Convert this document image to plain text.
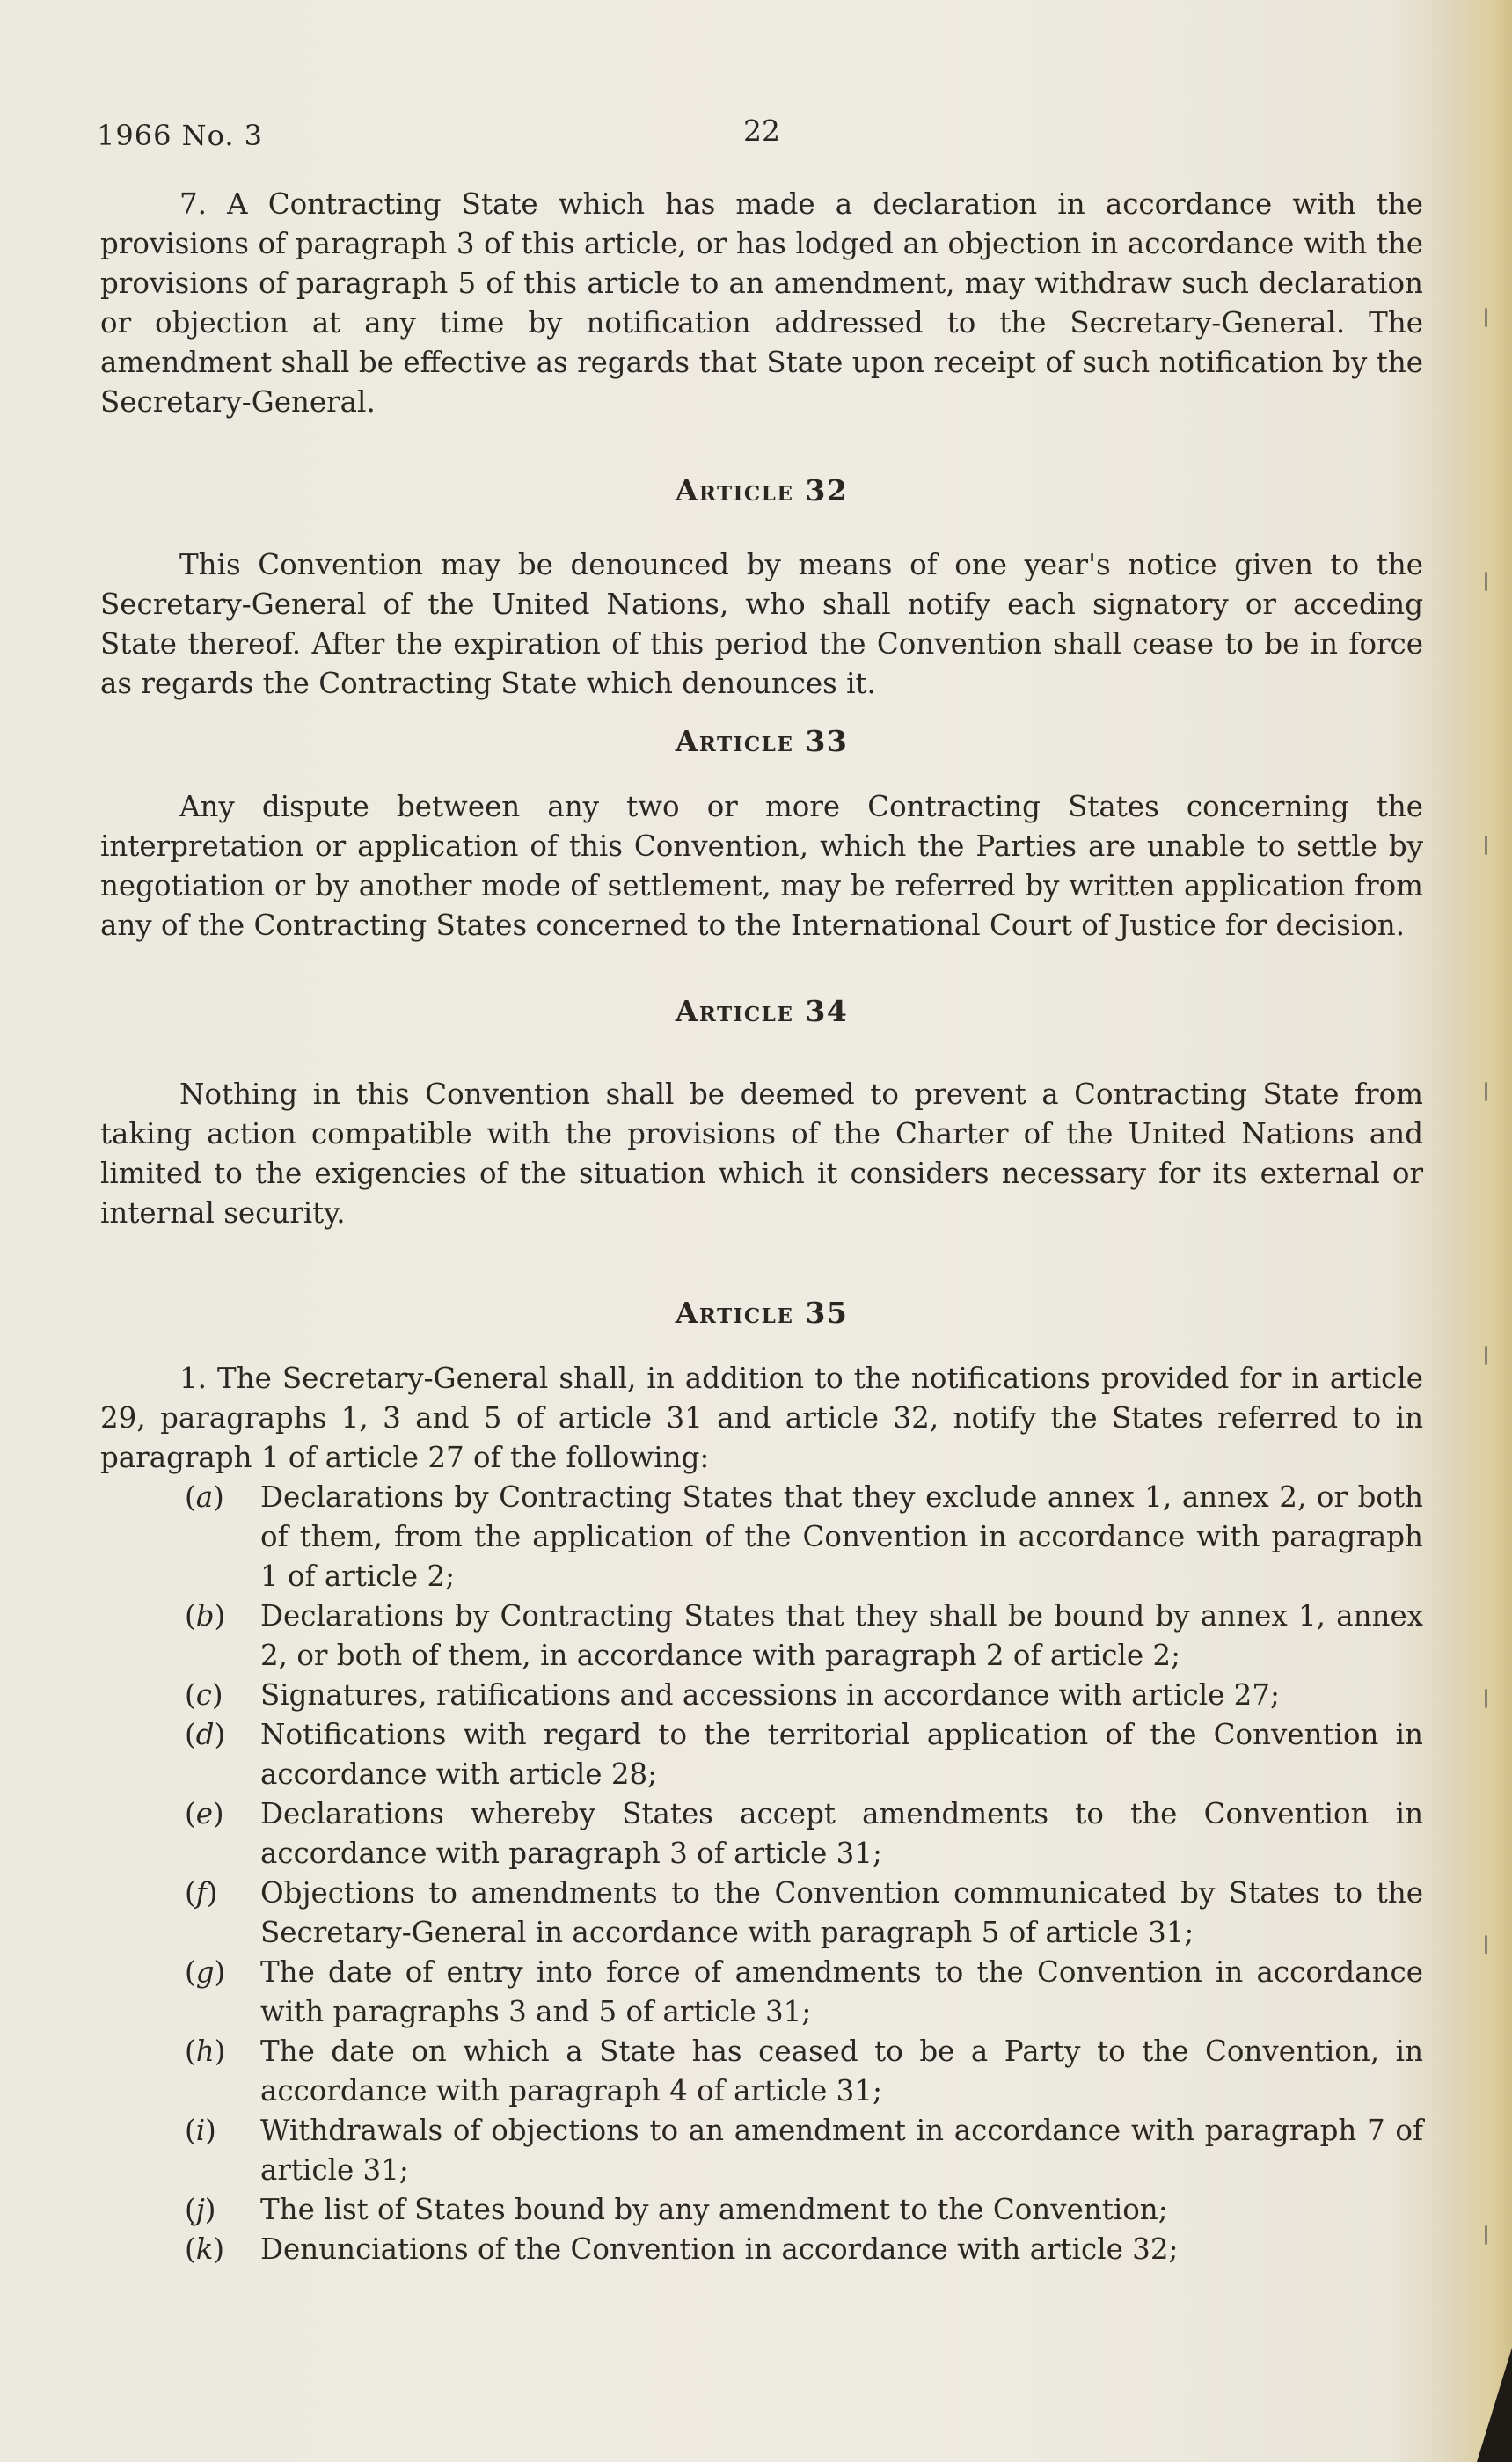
1966 No. 3	22

7. A Contracting State which has made a declaration in accordance with the provisions of paragraph 3 of this article, or has lodged an objection in accordance with the provisions of paragraph 5 of this article to an amendment, may withdraw such declaration or objection at any time by notification addressed to the Secretary-General. The amendment shall be effective as regards that State upon receipt of such notification by the Secretary-General.

Article 32

This Convention may be denounced by means of one year's notice given to the Secretary-General of the United Nations, who shall notify each signatory or acceding State thereof. After the expiration of this period the Convention shall cease to be in force as regards the Contracting State which denounces it.

Article 33

Any dispute between any two or more Contracting States concerning the interpretation or application of this Convention, which the Parties are unable to settle by negotiation or by another mode of settlement, may be referred by written application from any of the Contracting States concerned to the International Court of Justice for decision.

Article 34

Nothing in this Convention shall be deemed to prevent a Contracting State from taking action compatible with the provisions of the Charter of the United Nations and limited to the exigencies of the situation which it considers necessary for its external or internal security.

Article 35

1. The Secretary-General shall, in addition to the notifications provided for in article 29, paragraphs 1, 3 and 5 of article 31 and article 32, notify the States referred to in paragraph 1 of article 27 of the following:

(a)	Declarations by Contracting States that they exclude annex 1, annex 2, or both of them, from the application of the Convention in accordance with paragraph 1 of article 2;
(b)	Declarations by Contracting States that they shall be bound by annex 1, annex 2, or both of them, in accordance with paragraph 2 of article 2;
(c)	Signatures, ratifications and accessions in accordance with article 27;
(d)	Notifications with regard to the territorial application of the Convention in accordance with article 28;
(e)	Declarations whereby States accept amendments to the Convention in accordance with paragraph 3 of article 31;
(f)	Objections to amendments to the Convention communicated by States to the Secretary-General in accordance with paragraph 5 of article 31;
(g)	The date of entry into force of amendments to the Convention in accordance with paragraphs 3 and 5 of article 31;
(h)	The date on which a State has ceased to be a Party to the Convention, in accordance with paragraph 4 of article 31;
(i)	Withdrawals of objections to an amendment in accordance with paragraph 7 of article 31;
(j)	The list of States bound by any amendment to the Convention;
(k)	Denunciations of the Convention in accordance with article 32;
